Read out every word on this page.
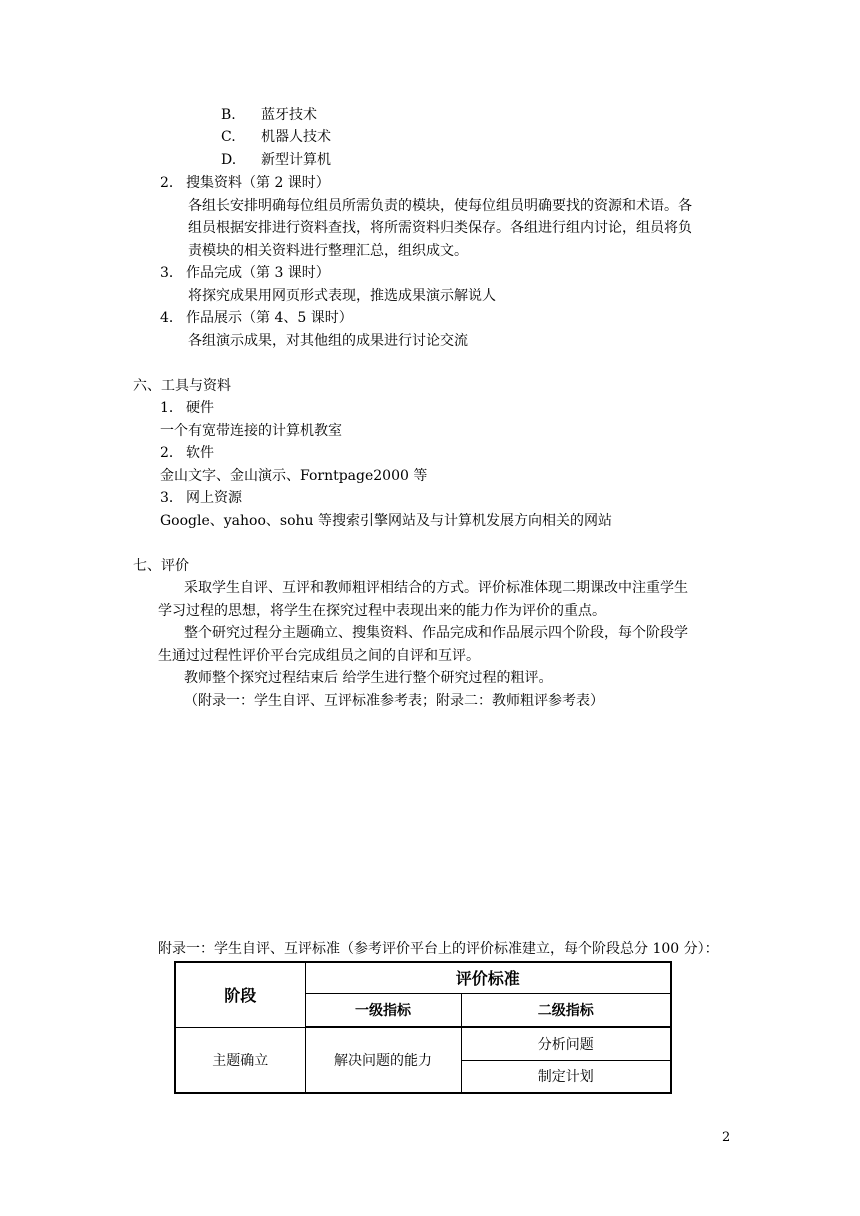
B. 蓝牙技术
C. 机器人技术
D. 新型计算机
2． 搜集资料（第 2 课时）
各组长安排明确每位组员所需负责的模块，使每位组员明确要找的资源和术语。各
组员根据安排进行资料查找，将所需资料归类保存。各组进行组内讨论，组员将负
责模块的相关资料进行整理汇总，组织成文。
3． 作品完成（第 3 课时）
将探究成果用网页形式表现，推选成果演示解说人
4． 作品展示（第 4、5 课时）
各组演示成果，对其他组的成果进行讨论交流
六、工具与资料
1． 硬件
一个有宽带连接的计算机教室
2． 软件
金山文字、金山演示、Forntpage2000 等
3． 网上资源
Google、yahoo、sohu 等搜索引擎网站及与计算机发展方向相关的网站
七、评价
采取学生自评、互评和教师粗评相结合的方式。评价标准体现二期课改中注重学生
学习过程的思想，将学生在探究过程中表现出来的能力作为评价的重点。
整个研究过程分主题确立、搜集资料、作品完成和作品展示四个阶段，每个阶段学
生通过过程性评价平台完成组员之间的自评和互评。
教师整个探究过程结束后 给学生进行整个研究过程的粗评。
（附录一：学生自评、互评标准参考表；附录二：教师粗评参考表）
附录一：学生自评、互评标准（参考评价平台上的评价标准建立，每个阶段总分 100 分）：
阶段	评价标准	
	一级指标	二级指标
主题确立	解决问题的能力	分析问题
		制定计划
2
